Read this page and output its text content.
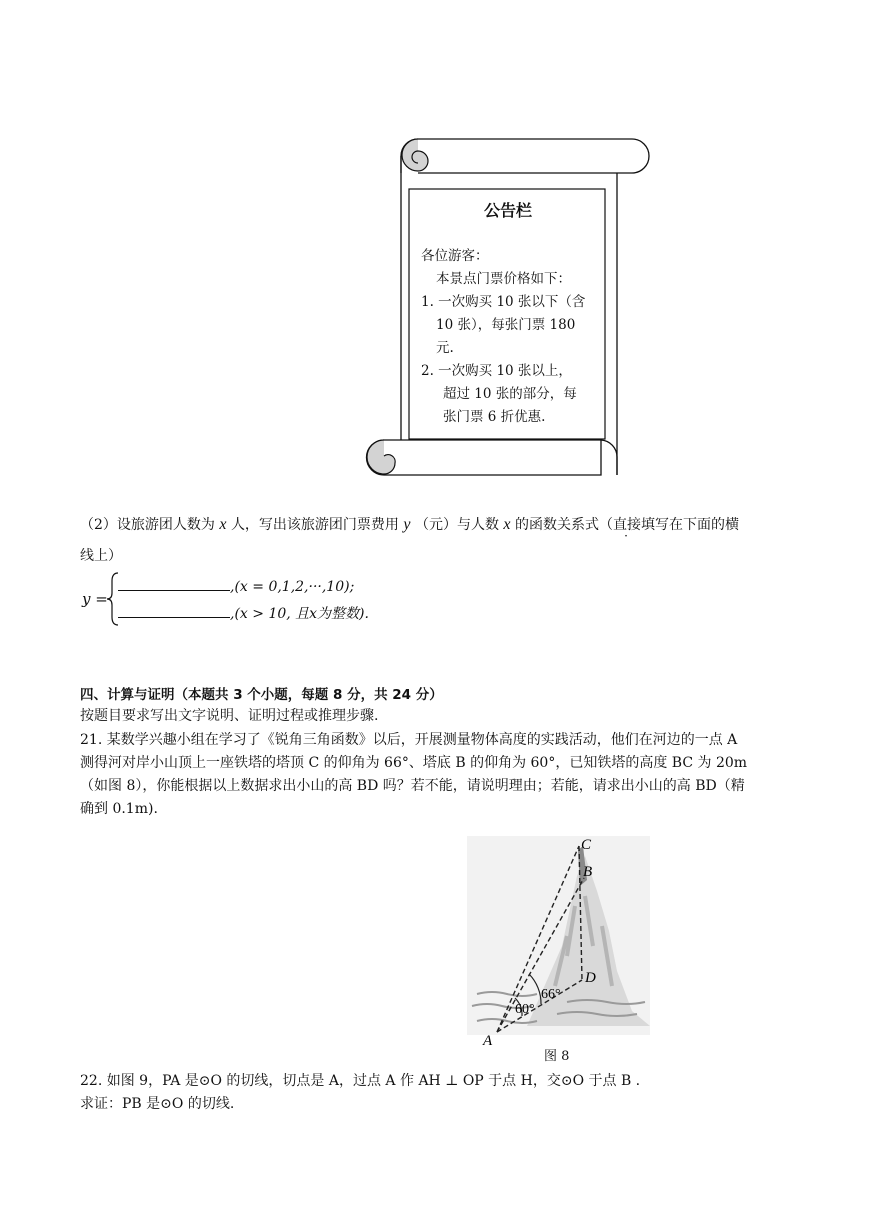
公告栏
各位游客：
本景点门票价格如下：
1. 一次购买 10 张以下（含
10 张），每张门票 180
元.
2. 一次购买 10 张以上，
超过 10 张的部分，每
张门票 6 折优惠.
（2）设旅游团人数为 x 人，写出该旅游团门票费用 y （元）与人数 x 的函数关系式（直接填写在下面的横
线上）
y =
,(x = 0,1,2,···,10);
,(x > 10, 且x为整数).
四、计算与证明（本题共 3 个小题，每题 8 分，共 24 分）
按题目要求写出文字说明、证明过程或推理步骤.
21. 某数学兴趣小组在学习了《锐角三角函数》以后，开展测量物体高度的实践活动，他们在河边的一点 A
测得河对岸小山顶上一座铁塔的塔顶 C 的仰角为 66°、塔底 B 的仰角为 60°，已知铁塔的高度 BC 为 20m
（如图 8），你能根据以上数据求出小山的高 BD 吗？若不能，请说明理由；若能，请求出小山的高 BD（精
确到 0.1m).
C
B
D
A
60°
66°
图 8
22. 如图 9，PA 是⊙O 的切线，切点是 A，过点 A 作 AH ⊥ OP 于点 H，交⊙O 于点 B .
求证：PB 是⊙O 的切线.
